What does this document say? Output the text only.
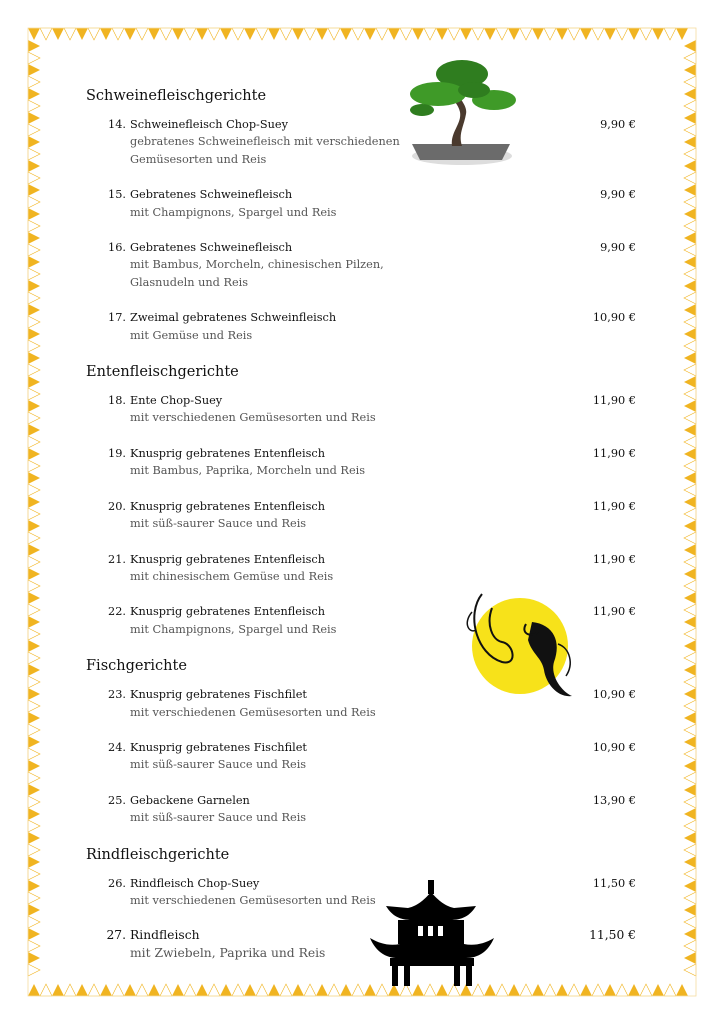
Schweinefleischgerichte
14. Schweinefleisch Chop-Suey
gebratenes Schweinefleisch mit verschiedenen
Gemüsesorten und Reis
9,90 €
15. Gebratenes Schweinefleisch
mit Champignons, Spargel und Reis
9,90 €
16. Gebratenes Schweinefleisch
mit Bambus, Morcheln, chinesischen Pilzen,
Glasnudeln und Reis
9,90 €
17. Zweimal gebratenes Schweinfleisch
mit Gemüse und Reis
10,90 €
Entenfleischgerichte
18. Ente Chop-Suey
mit verschiedenen Gemüsesorten und Reis
11,90 €
19. Knusprig gebratenes Entenfleisch
mit Bambus, Paprika, Morcheln und Reis
11,90 €
20. Knusprig gebratenes Entenfleisch
mit süß-saurer Sauce und Reis
11,90 €
21. Knusprig gebratenes Entenfleisch
mit chinesischem Gemüse und Reis
11,90 €
22. Knusprig gebratenes Entenfleisch
mit Champignons, Spargel und Reis
11,90 €
Fischgerichte
23. Knusprig gebratenes Fischfilet
mit verschiedenen Gemüsesorten und Reis
10,90 €
24. Knusprig gebratenes Fischfilet
mit süß-saurer Sauce und Reis
10,90 €
25. Gebackene Garnelen
mit süß-saurer Sauce und Reis
13,90 €
Rindfleischgerichte
26. Rindfleisch Chop-Suey
mit verschiedenen Gemüsesorten und Reis
11,50 €
27. Rindfleisch
mit Zwiebeln, Paprika und Reis
11,50 €
